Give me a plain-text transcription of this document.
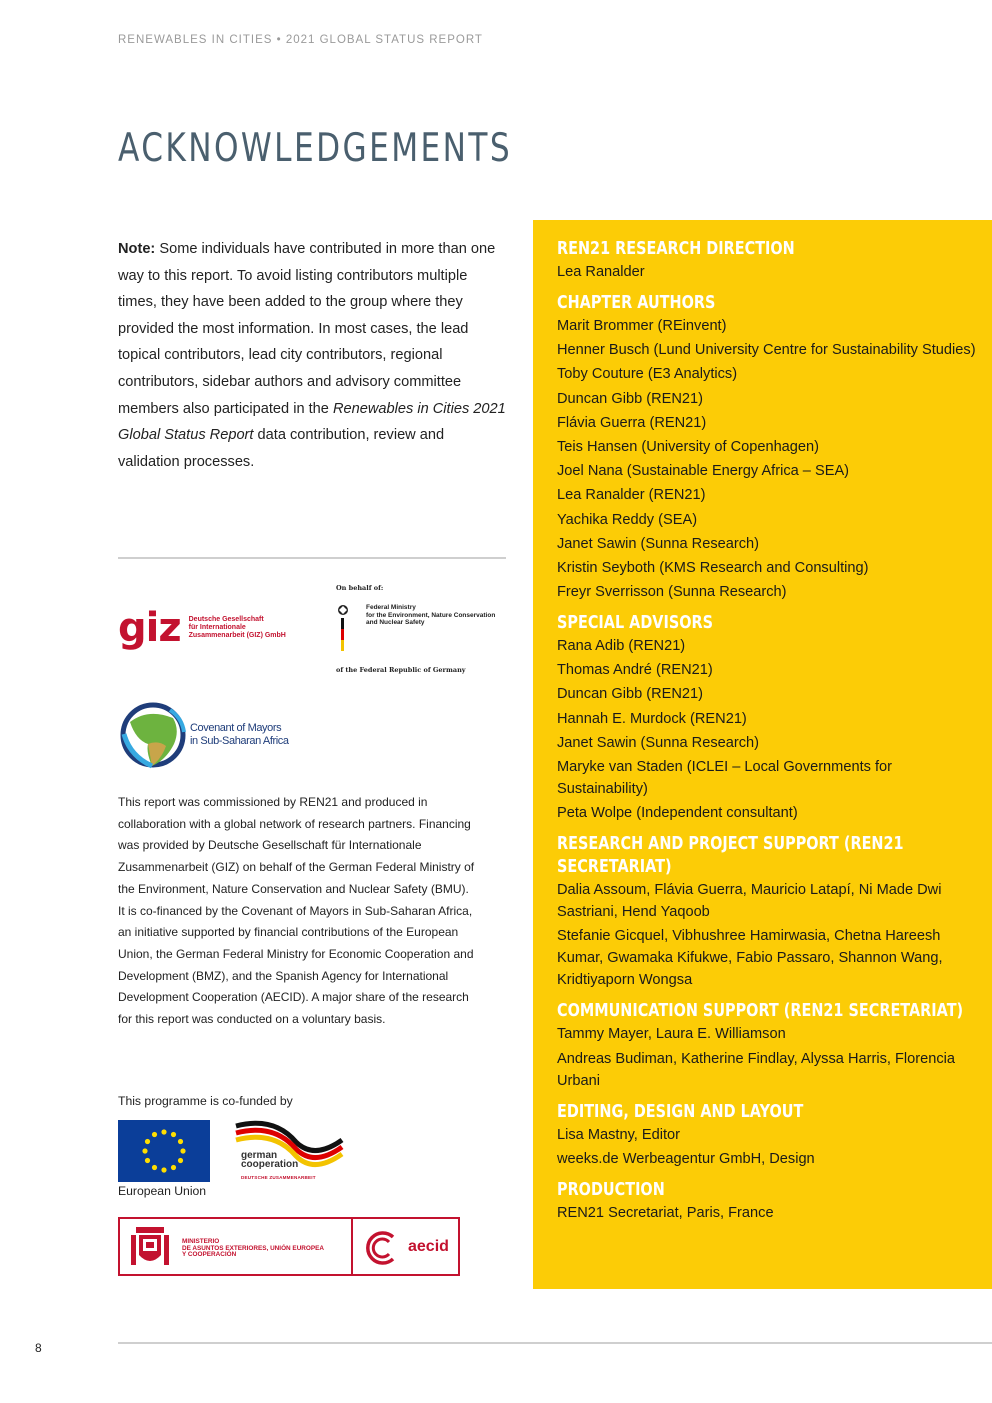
RENEWABLES IN CITIES • 2021 GLOBAL STATUS REPORT
ACKNOWLEDGEMENTS

Note: Some individuals have contributed in more than one way to this report. To avoid listing contributors multiple times, they have been added to the group where they provided the most information. In most cases, the lead topical contributors, lead city contributors, regional contributors, sidebar authors and advisory committee members also participated in the Renewables in Cities 2021 Global Status Report data contribution, review and validation processes.

giz Deutsche Gesellschaft
für Internationale
Zusammenarbeit (GIZ) GmbH
On behalf of:
Federal Ministry
for the Environment, Nature Conservation
and Nuclear Safety
of the Federal Republic of Germany
Covenant of Mayors
in Sub-Saharan Africa

This report was commissioned by REN21 and produced in collaboration with a global network of research partners. Financing was provided by Deutsche Gesellschaft für Internationale Zusammenarbeit (GIZ) on behalf of the German Federal Ministry of the Environment, Nature Conservation and Nuclear Safety (BMU). It is co-financed by the Covenant of Mayors in Sub-Saharan Africa, an initiative supported by financial contributions of the European Union, the German Federal Ministry for Economic Cooperation and Development (BMZ), and the Spanish Agency for International Development Cooperation (AECID). A major share of the research for this report was conducted on a voluntary basis.

This programme is co-funded by

European Union
german
cooperation
DEUTSCHE ZUSAMMENARBEIT
MINISTERIO
DE ASUNTOS EXTERIORES, UNIÓN EUROPEA
Y COOPERACIÓN	aecid
REN21 RESEARCH DIRECTION

Lea Ranalder

CHAPTER AUTHORS

Marit Brommer (REinvent)

Henner Busch (Lund University Centre for Sustainability Studies)

Toby Couture (E3 Analytics)

Duncan Gibb (REN21)

Flávia Guerra (REN21)

Teis Hansen (University of Copenhagen)

Joel Nana (Sustainable Energy Africa – SEA)

Lea Ranalder (REN21)

Yachika Reddy (SEA)

Janet Sawin (Sunna Research)

Kristin Seyboth (KMS Research and Consulting)

Freyr Sverrisson (Sunna Research)

SPECIAL ADVISORS

Rana Adib (REN21)

Thomas André (REN21)

Duncan Gibb (REN21)

Hannah E. Murdock (REN21)

Janet Sawin (Sunna Research)

Maryke van Staden (ICLEI – Local Governments for Sustainability)

Peta Wolpe (Independent consultant)

RESEARCH AND PROJECT SUPPORT (REN21 SECRETARIAT)

Dalia Assoum, Flávia Guerra, Mauricio Latapí, Ni Made Dwi Sastriani, Hend Yaqoob

Stefanie Gicquel, Vibhushree Hamirwasia, Chetna Hareesh Kumar, Gwamaka Kifukwe, Fabio Passaro, Shannon Wang, Kridtiyaporn Wongsa

COMMUNICATION SUPPORT (REN21 SECRETARIAT)

Tammy Mayer, Laura E. Williamson

Andreas Budiman, Katherine Findlay, Alyssa Harris, Florencia Urbani

EDITING, DESIGN AND LAYOUT

Lisa Mastny, Editor

weeks.de Werbeagentur GmbH, Design

PRODUCTION

REN21 Secretariat, Paris, France

8
